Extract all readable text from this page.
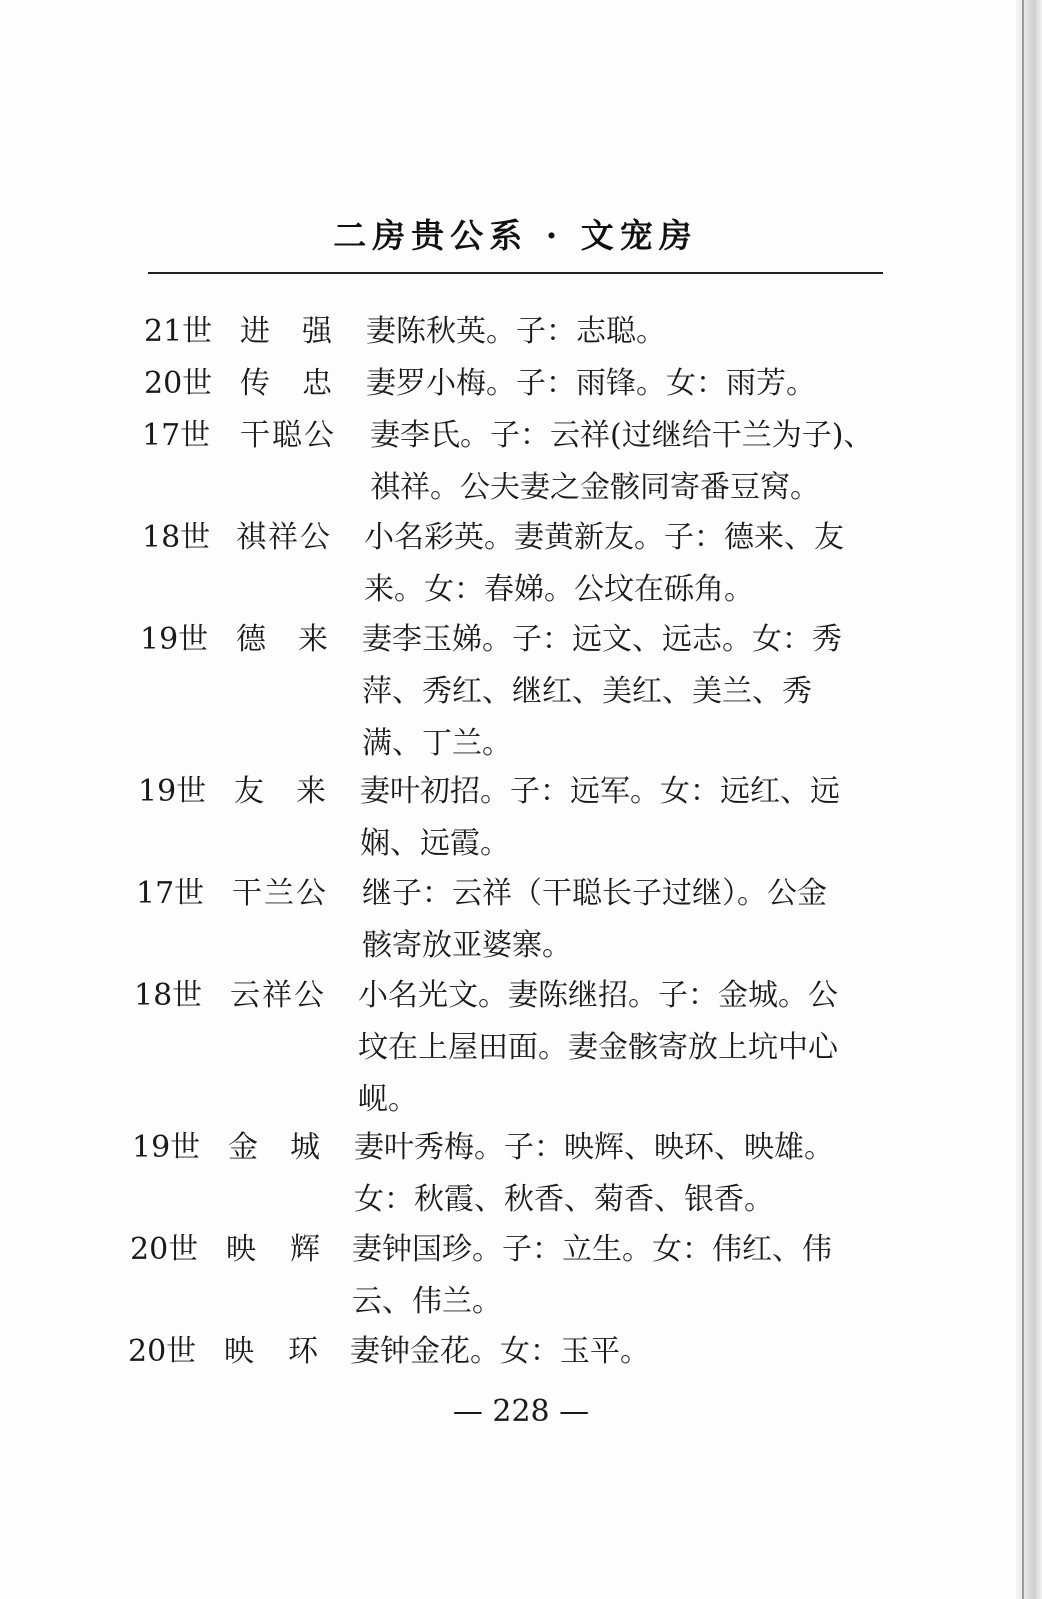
二房贵公系 · 文宠房
21世 进 强 妻陈秋英。子：志聪。
20世 传 忠 妻罗小梅。子：雨锋。女：雨芳。
17世 干聪公 妻李氏。子：云祥(过继给干兰为子)、
祺祥。公夫妻之金骸同寄番豆窝。
18世 祺祥公 小名彩英。妻黄新友。子：德来、友
来。女：春娣。公坟在砾角。
19世 德 来 妻李玉娣。子：远文、远志。女：秀
萍、秀红、继红、美红、美兰、秀
满、丁兰。
19世 友 来 妻叶初招。子：远军。女：远红、远
娴、远霞。
17世 干兰公 继子：云祥（干聪长子过继）。公金
骸寄放亚婆寨。
18世 云祥公 小名光文。妻陈继招。子：金城。公
坟在上屋田面。妻金骸寄放上坑中心
岘。
19世 金 城 妻叶秀梅。子：映辉、映环、映雄。
女：秋霞、秋香、菊香、银香。
20世 映 辉 妻钟国珍。子：立生。女：伟红、伟
云、伟兰。
20世 映 环 妻钟金花。女：玉平。
— 228 —
